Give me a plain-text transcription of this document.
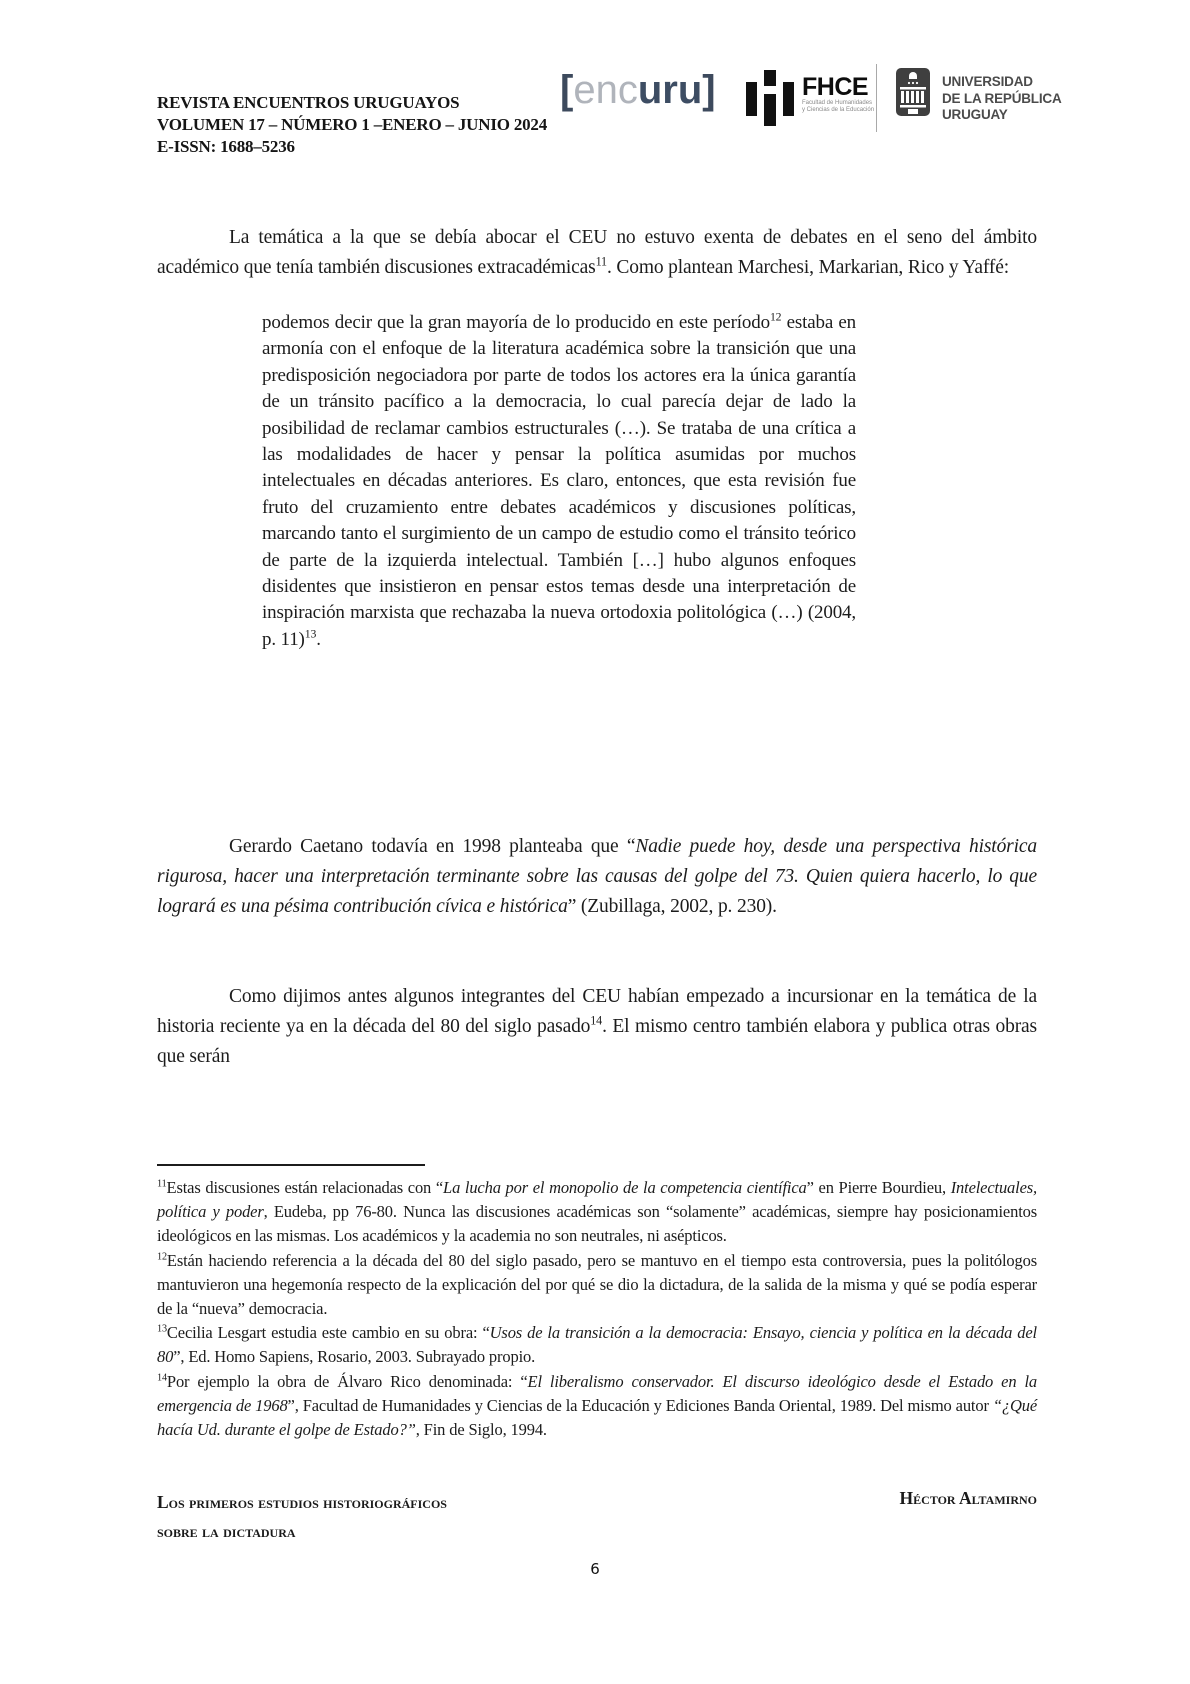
REVISTA ENCUENTROS URUGUAYOS
VOLUMEN 17 – NÚMERO 1 –ENERO – JUNIO 2024
E-ISSN: 1688–5236
[encuru]	FHCE
Facultad de Humanidades
y Ciencias de la Educación
UNIVERSIDAD
DE LA REPÚBLICA
URUGUAY

La temática a la que se debía abocar el CEU no estuvo exenta de debates en el seno del ámbito académico que tenía también discusiones extracadémicas$^{11}$. Como plantean Marchesi, Markarian, Rico y Yaffé:

podemos decir que la gran mayoría de lo producido en este período$^{12}$ estaba en armonía con el enfoque de la literatura académica sobre la transición que una predisposición negociadora por parte de todos los actores era la única garantía de un tránsito pacífico a la democracia, lo cual parecía dejar de lado la posibilidad de reclamar cambios estructurales (…). Se trataba de una crítica a las modalidades de hacer y pensar la política asumidas por muchos intelectuales en décadas anteriores. Es claro, entonces, que esta revisión fue fruto del cruzamiento entre debates académicos y discusiones políticas, marcando tanto el surgimiento de un campo de estudio como el tránsito teórico de parte de la izquierda intelectual. También […] hubo algunos enfoques disidentes que insistieron en pensar estos temas desde una interpretación de inspiración marxista que rechazaba la nueva ortodoxia politológica (…) (2004, p. 11)$^{13}$.

Gerardo Caetano todavía en 1998 planteaba que “Nadie puede hoy, desde una perspectiva histórica rigurosa, hacer una interpretación terminante sobre las causas del golpe del 73. Quien quiera hacerlo, lo que logrará es una pésima contribución cívica e histórica” (Zubillaga, 2002, p. 230).

Como dijimos antes algunos integrantes del CEU habían empezado a incursionar en la temática de la historia reciente ya en la década del 80 del siglo pasado$^{14}$. El mismo centro también elabora y publica otras obras que serán

$^{11}$Estas discusiones están relacionadas con “La lucha por el monopolio de la competencia científica” en Pierre Bourdieu, Intelectuales, política y poder, Eudeba, pp 76-80. Nunca las discusiones académicas son “solamente” académicas, siempre hay posicionamientos ideológicos en las mismas. Los académicos y la academia no son neutrales, ni asépticos.
$^{12}$Están haciendo referencia a la década del 80 del siglo pasado, pero se mantuvo en el tiempo esta controversia, pues la politólogos mantuvieron una hegemonía respecto de la explicación del por qué se dio la dictadura, de la salida de la misma y qué se podía esperar de la “nueva” democracia.
$^{13}$Cecilia Lesgart estudia este cambio en su obra: “Usos de la transición a la democracia: Ensayo, ciencia y política en la década del 80”, Ed. Homo Sapiens, Rosario, 2003. Subrayado propio.
$^{14}$Por ejemplo la obra de Álvaro Rico denominada: “El liberalismo conservador. El discurso ideológico desde el Estado en la emergencia de 1968”, Facultad de Humanidades y Ciencias de la Educación y Ediciones Banda Oriental, 1989. Del mismo autor “¿Qué hacía Ud. durante el golpe de Estado?”, Fin de Siglo, 1994.
Los primeros estudios historiográficos
sobre la dictadura
Héctor Altamirno
6
